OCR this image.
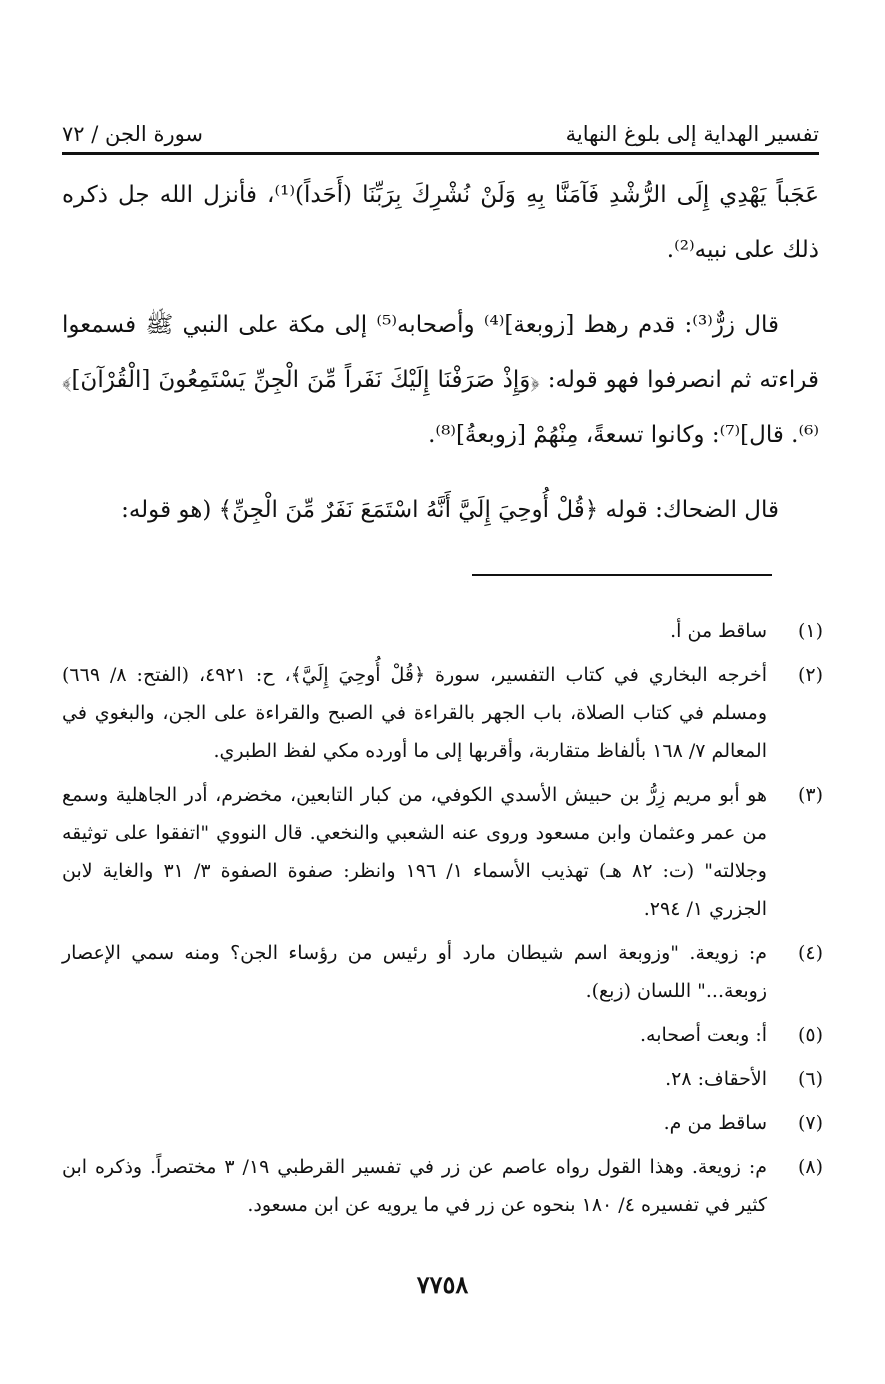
تفسير الهداية إلى بلوغ النهاية
سورة الجن / ٧٢

عَجَباً يَهْدِي إِلَى الرُّشْدِ فَآمَنَّا بِهِ وَلَنْ نُشْرِكَ بِرَبِّنَا (أَحَداً)⁽¹⁾، فأنزل الله جل ذكره ذلك على نبيه⁽²⁾.

قال زرٌّ⁽³⁾: قدم رهط [زوبعة]⁽⁴⁾ وأصحابه⁽⁵⁾ إلى مكة على النبي ﷺ فسمعوا قراءته ثم انصرفوا فهو قوله: ﴿وَإِذْ صَرَفْنَا إِلَيْكَ نَفَراً مِّنَ الْجِنِّ يَسْتَمِعُونَ [الْقُرْآنَ]﴾⁽⁶⁾. قال]⁽⁷⁾: وكانوا تسعةً، مِنْهُمْ [زوبعةُ]⁽⁸⁾.

قال الضحاك: قوله ﴿قُلْ أُوحِيَ إِلَيَّ أَنَّهُ اسْتَمَعَ نَفَرٌ مِّنَ الْجِنِّ﴾ (هو قوله:

(١)
ساقط من أ.
(٢)
أخرجه البخاري في كتاب التفسير، سورة ﴿قُلْ أُوحِيَ إِلَيَّ﴾، ح: ٤٩٢١، (الفتح: ٨/ ٦٦٩) ومسلم في كتاب الصلاة، باب الجهر بالقراءة في الصبح والقراءة على الجن، والبغوي في المعالم ٧/ ١٦٨ بألفاظ متقاربة، وأقربها إلى ما أورده مكي لفظ الطبري.
(٣)
هو أبو مريم زِرُّ بن حبيش الأسدي الكوفي، من كبار التابعين، مخضرم، أدر الجاهلية وسمع من عمر وعثمان وابن مسعود وروى عنه الشعبي والنخعي. قال النووي "اتفقوا على توثيقه وجلالته" (ت: ٨٢ هـ) تهذيب الأسماء ١/ ١٩٦ وانظر: صفوة الصفوة ٣/ ٣١ والغاية لابن الجزري ١/ ٢٩٤.
(٤)
م: زويعة. "وزوبعة اسم شيطان مارد أو رئيس من رؤساء الجن؟ ومنه سمي الإعصار زوبعة..." اللسان (زبع).
(٥)
أ: وبعت أصحابه.
(٦)
الأحقاف: ٢٨.
(٧)
ساقط من م.
(٨)
م: زويعة. وهذا القول رواه عاصم عن زر في تفسير القرطبي ١٩/ ٣ مختصراً. وذكره ابن كثير في تفسيره ٤/ ١٨٠ بنحوه عن زر في ما يرويه عن ابن مسعود.
٧٧٥٨
